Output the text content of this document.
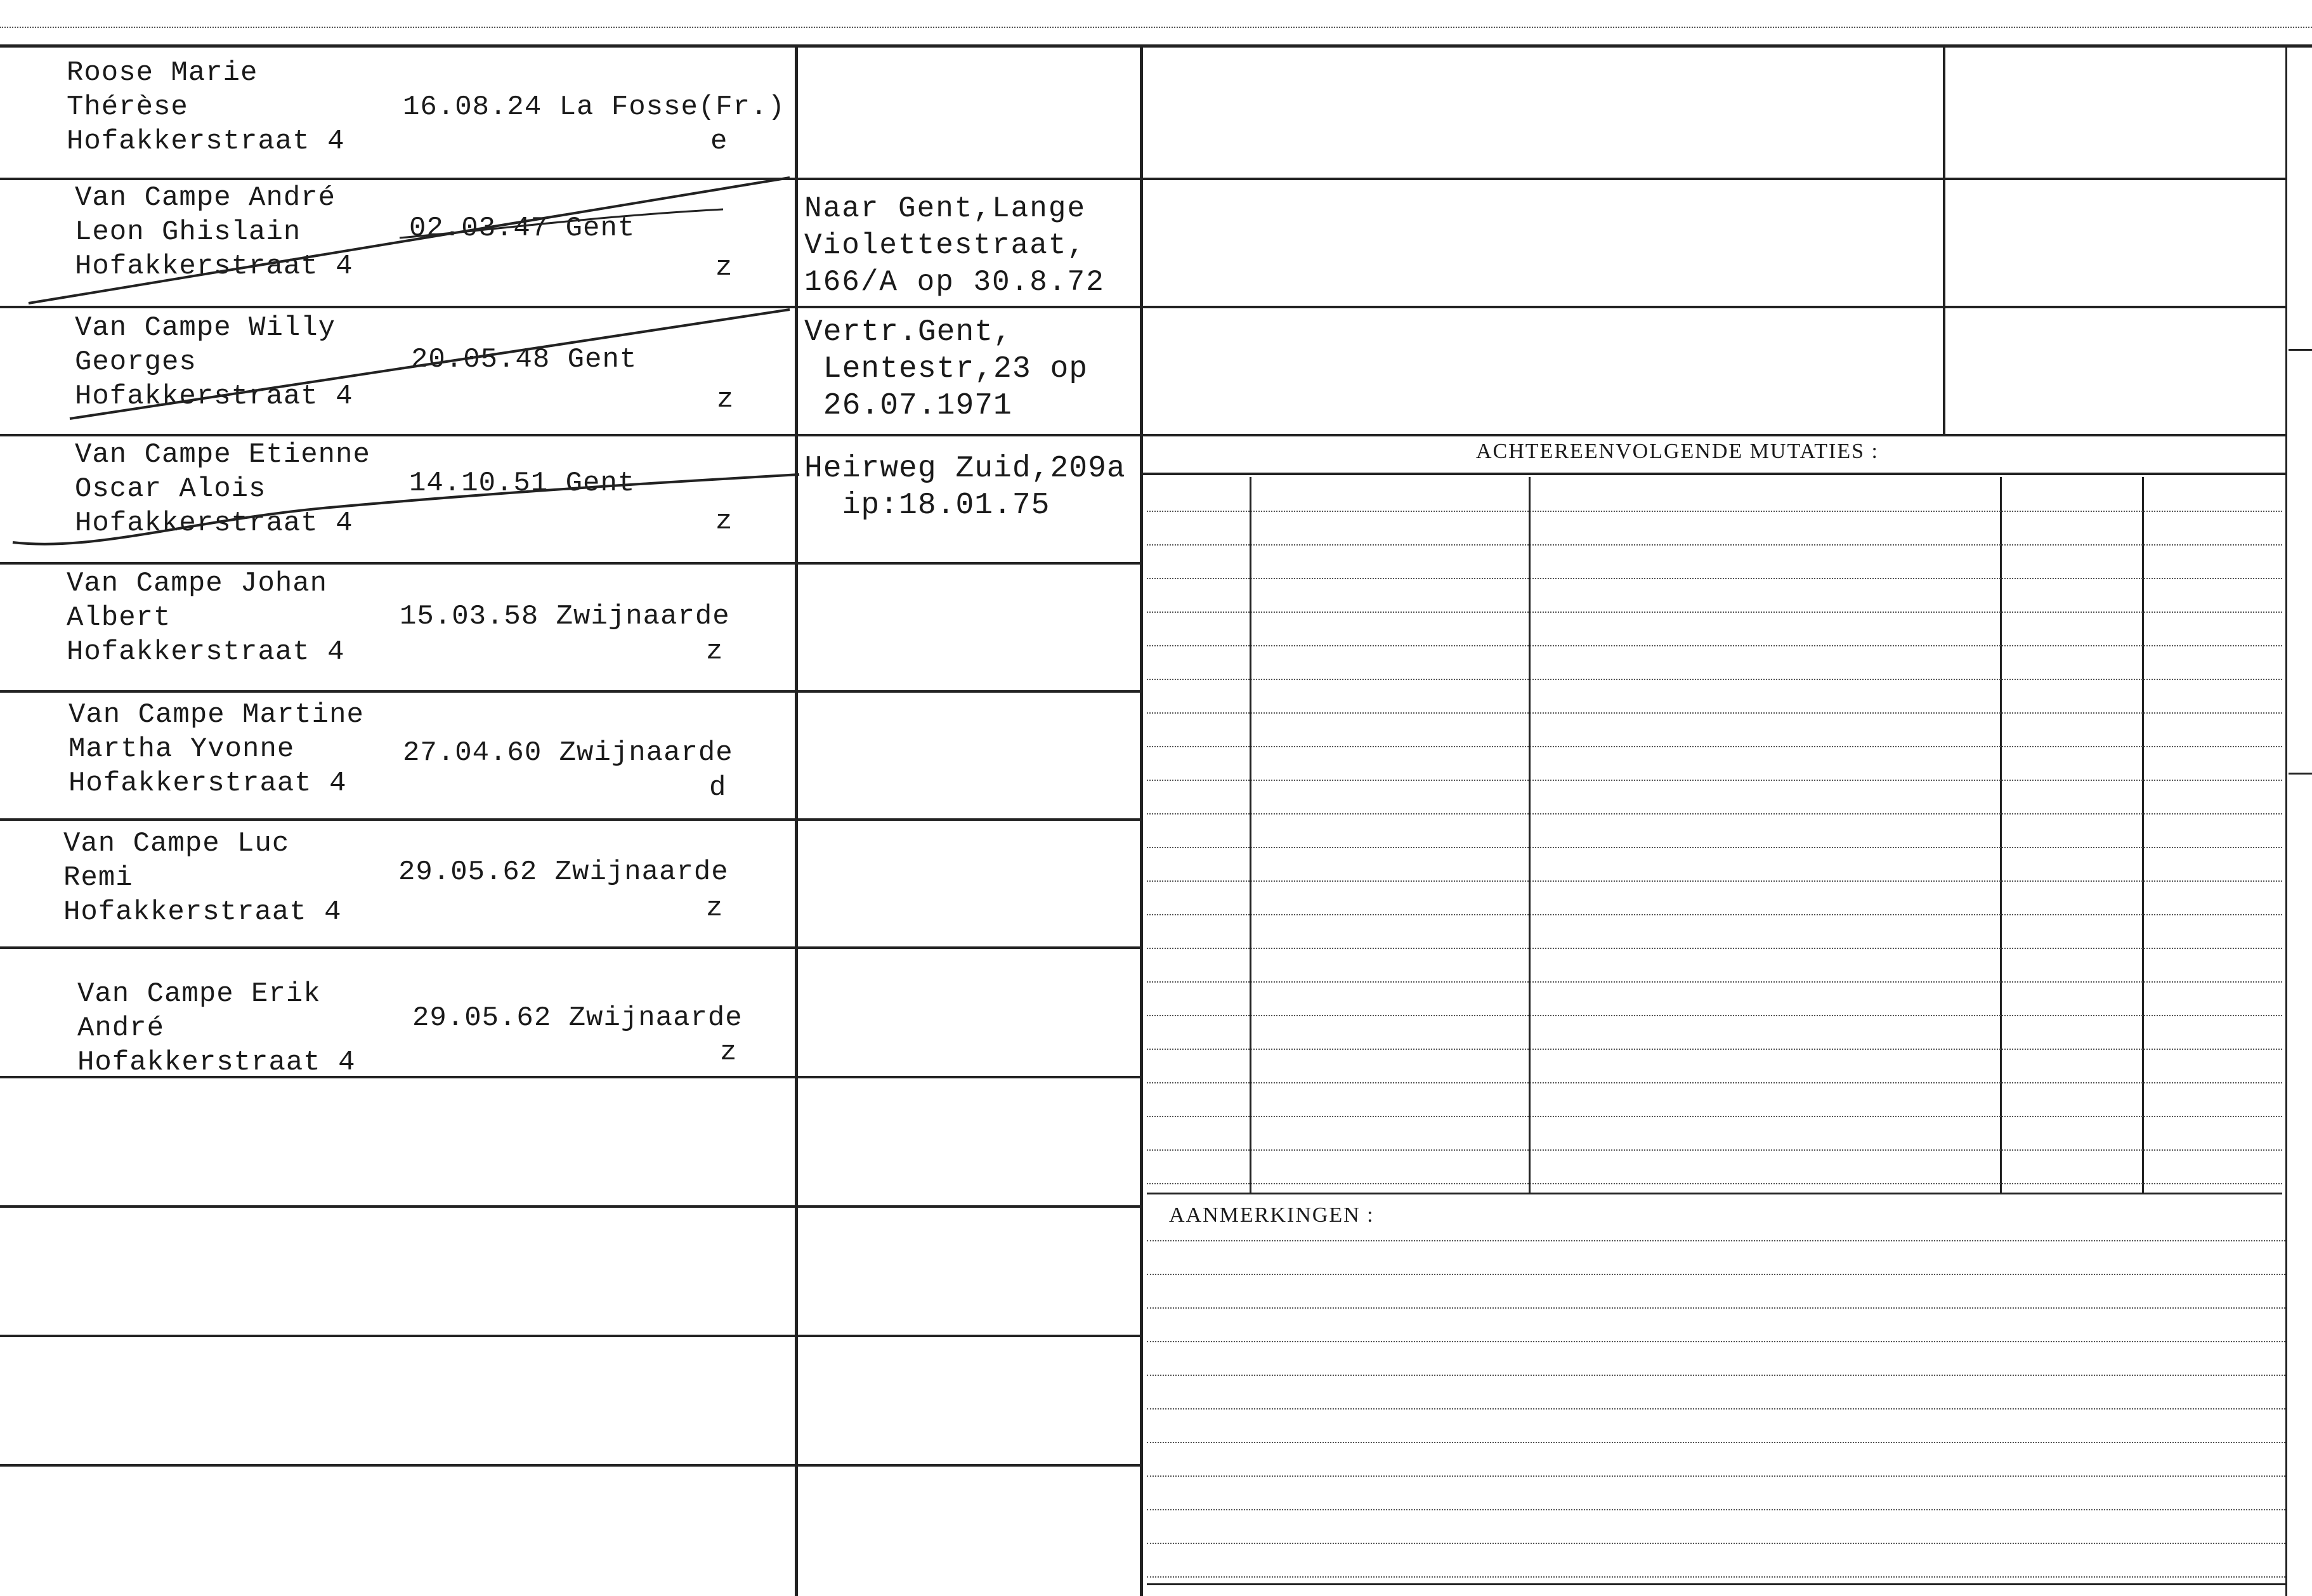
Roose Marie
Thérèse
Hofakkerstraat 4
16.08.24 La Fosse(Fr.)
e
Van Campe André
Leon Ghislain
Hofakkerstraat 4
02.03.47 Gent
z
Van Campe Willy
Georges
Hofakkerstraat 4
20.05.48 Gent
z
Van Campe Etienne
Oscar Alois
Hofakkerstraat 4
14.10.51 Gent
z
Van Campe Johan
Albert
Hofakkerstraat 4
15.03.58 Zwijnaarde
z
Van Campe Martine
Martha Yvonne
Hofakkerstraat 4
27.04.60 Zwijnaarde
d
Van Campe Luc
Remi
Hofakkerstraat 4
29.05.62 Zwijnaarde
z
Van Campe Erik
André
Hofakkerstraat 4
29.05.62 Zwijnaarde
z
Naar Gent,Lange
Violettestraat,
166/A op 30.8.72
Vertr.Gent,
Lentestr,23 op
26.07.1971
Heirweg Zuid,209a
ip:18.01.75
ACHTEREENVOLGENDE MUTATIES :
AANMERKINGEN :
